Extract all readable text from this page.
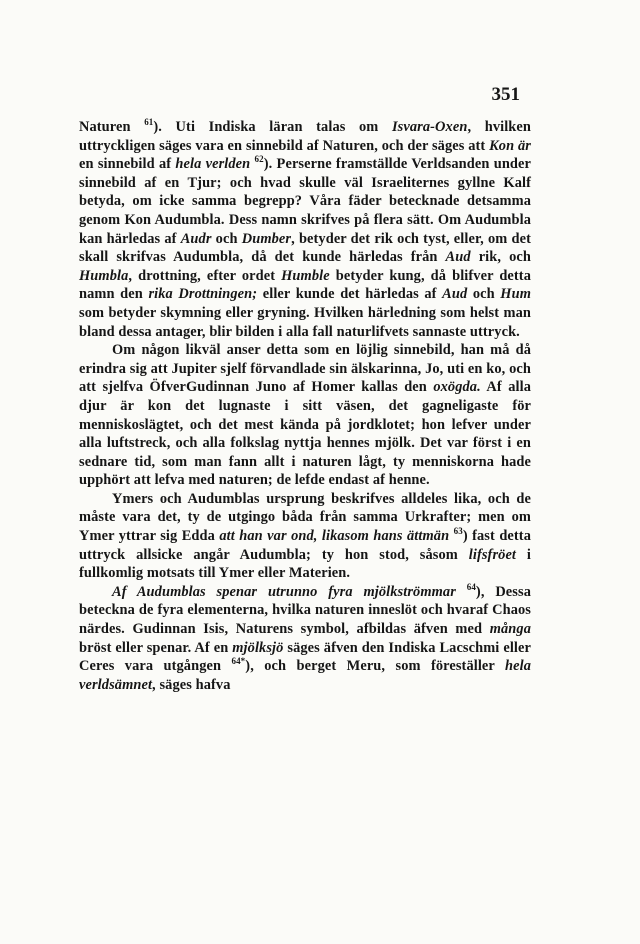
351

Naturen $^{61}$). Uti Indiska läran talas om Isvara-Oxen, hvilken uttryckligen säges vara en sinnebild af Naturen, och der säges att Kon är en sinnebild af hela verlden $^{62}$). Perserne framställde Verldsanden under sinnebild af en Tjur; och hvad skulle väl Israeliternes gyllne Kalf betyda, om icke samma begrepp? Våra fäder betecknade detsamma genom Kon Audumbla. Dess namn skrifves på flera sätt. Om Audumbla kan härledas af Audr och Dumber, betyder det rik och tyst, eller, om det skall skrifvas Audumbla, då det kunde härledas från Aud rik, och Humbla, drottning, efter ordet Humble betyder kung, då blifver detta namn den rika Drottningen; eller kunde det härledas af Aud och Hum som betyder skymning eller gryning. Hvilken härledning som helst man bland dessa antager, blir bilden i alla fall naturlifvets sannaste uttryck.

Om någon likväl anser detta som en löjlig sinnebild, han må då erindra sig att Jupiter sjelf förvandlade sin älskarinna, Jo, uti en ko, och att sjelfva ÖfverGudinnan Juno af Homer kallas den oxögda. Af alla djur är kon det lugnaste i sitt väsen, det gagneligaste för menniskoslägtet, och det mest kända på jordklotet; hon lefver under alla luftstreck, och alla folkslag nyttja hennes mjölk. Det var först i en sednare tid, som man fann allt i naturen lågt, ty menniskorna hade upphört att lefva med naturen; de lefde endast af henne.

Ymers och Audumblas ursprung beskrifves alldeles lika, och de måste vara det, ty de utgingo båda från samma Urkrafter; men om Ymer yttrar sig Edda att han var ond, likasom hans ättmän $^{63}$) fast detta uttryck allsicke angår Audumbla; ty hon stod, såsom lifsfröet i fullkomlig motsats till Ymer eller Materien.

Af Audumblas spenar utrunno fyra mjölkströmmar $^{64}$), Dessa beteckna de fyra elementerna, hvilka naturen inneslöt och hvaraf Chaos närdes. Gudinnan Isis, Naturens symbol, afbildas äfven med många bröst eller spenar. Af en mjölksjö säges äfven den Indiska Lacschmi eller Ceres vara utgången $^{64*}$), och berget Meru, som föreställer hela verldsämnet, säges hafva
